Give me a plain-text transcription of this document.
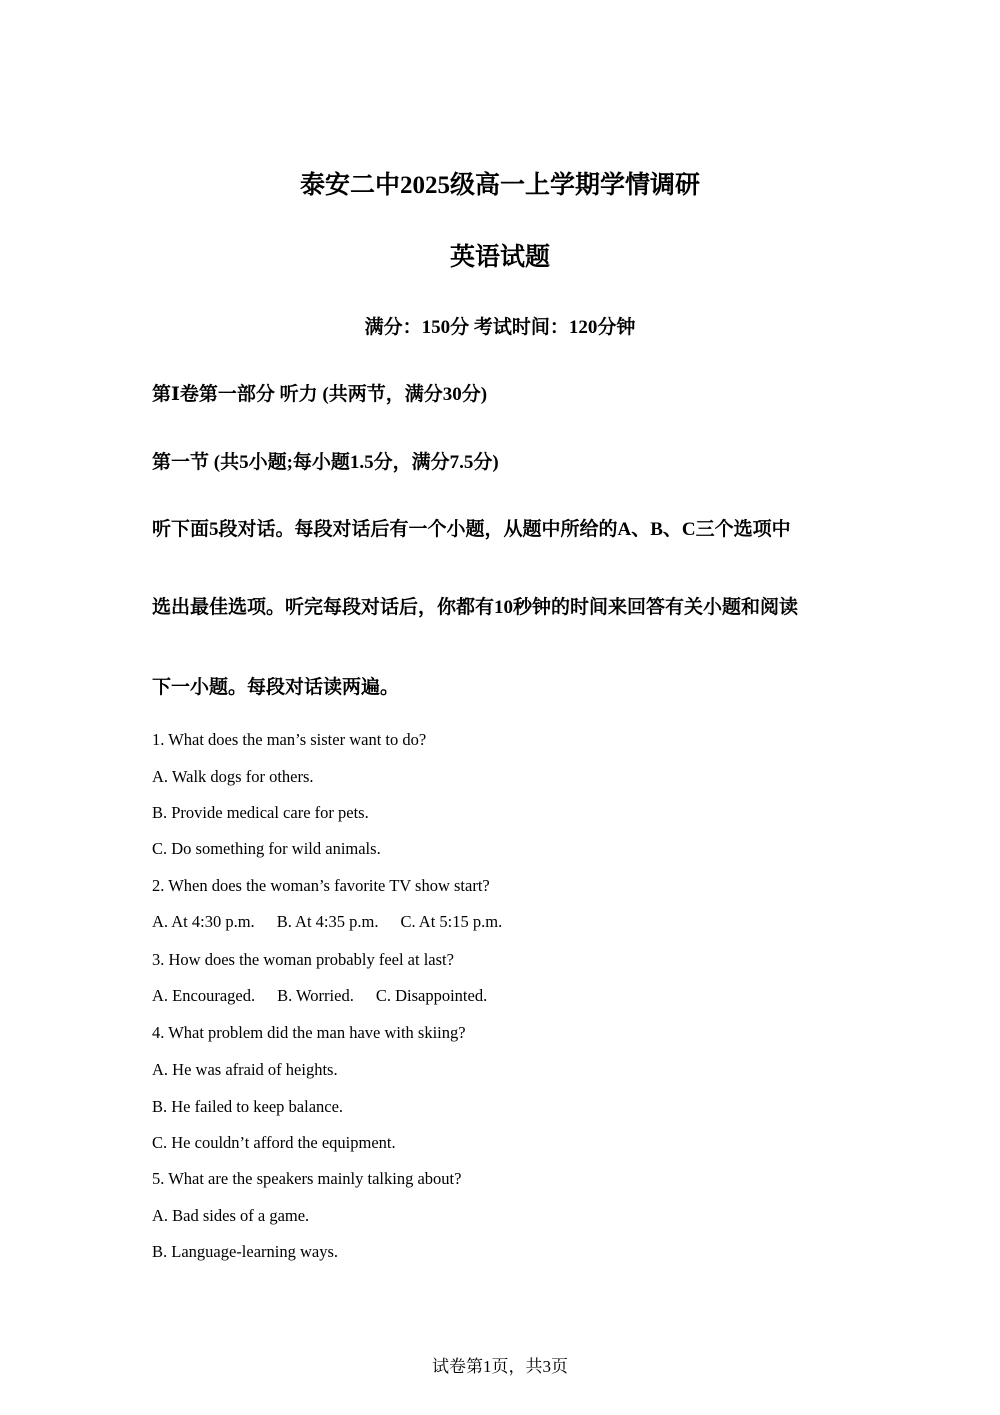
泰安二中2025级高一上学期学情调研
英语试题
满分：150分 考试时间：120分钟
第Ⅰ卷第一部分 听力 (共两节，满分30分)
第一节 (共5小题;每小题1.5分，满分7.5分)
听下面5段对话。每段对话后有一个小题，从题中所给的A、B、C三个选项中
选出最佳选项。听完每段对话后，你都有10秒钟的时间来回答有关小题和阅读
下一小题。每段对话读两遍。
1. What does the man’s sister want to do?
A. Walk dogs for others.
B. Provide medical care for pets.
C. Do something for wild animals.
2. When does the woman’s favorite TV show start?
A. At 4:30 p.m. B. At 4:35 p.m. C. At 5:15 p.m.
3. How does the woman probably feel at last?
A. Encouraged. B. Worried. C. Disappointed.
4. What problem did the man have with skiing?
A. He was afraid of heights.
B. He failed to keep balance.
C. He couldn’t afford the equipment.
5. What are the speakers mainly talking about?
A. Bad sides of a game.
B. Language-learning ways.
试卷第1页，共3页
